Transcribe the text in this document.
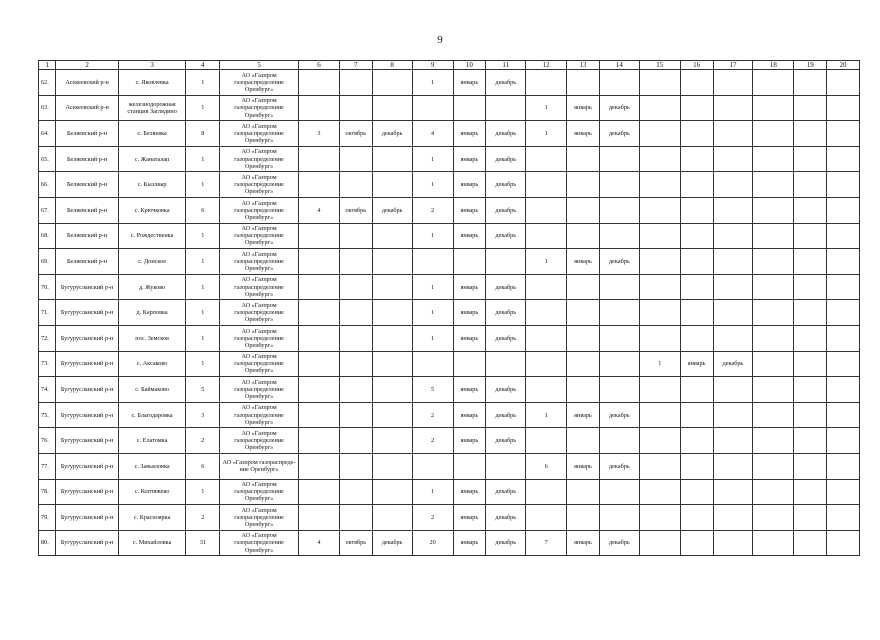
9
1	2	3	4	5	6	7	8	9	10	11	12	13	14	15	16	17	18	19	20
62.	Асекеевский р-н	с. Яковлевка	1	АО «Газпром газораспределение Оренбург»				1	январь	декабрь									
63.	Асекеевский р-н	железнодорожная станция Заглядино	1	АО «Газпром газораспределение Оренбург»							1	январь	декабрь						
64.	Беляевский р-н	с. Беляевка	8	АО «Газпром газораспределение Оренбург»	3	октябрь	декабрь	4	январь	декабрь	1	январь	декабрь						
65.	Беляевский р-н	с. Жанаталап	1	АО «Газпром газораспределение Оренбург»				1	январь	декабрь									
66.	Беляевский р-н	с. Кызлиар	1	АО «Газпром газораспределение Оренбург»				1	январь	декабрь									
67.	Беляевский р-н	с. Крючковка	6	АО «Газпром газораспределение Оренбург»	4	октябрь	декабрь	2	январь	декабрь									
68.	Беляевский р-н	с. Рождественка	1	АО «Газпром газораспределение Оренбург»				1	январь	декабрь									
69.	Беляевский р-н	с. Донское	1	АО «Газпром газораспределение Оренбург»							1	январь	декабрь						
70.	Бугурусланский р-н	д. Жуково	1	АО «Газпром газораспределение Оренбург»				1	январь	декабрь									
71.	Бугурусланский р-н	д. Карповка	1	АО «Газпром газораспределение Оренбург»				1	январь	декабрь									
72.	Бугурусланский р-н	пос. Земсков	1	АО «Газпром газораспределение Оренбург»				1	январь	декабрь									
73.	Бугурусланский р-н	с. Аксаково	1	АО «Газпром газораспределение Оренбург»										1	январь	декабрь			
74.	Бугурусланский р-н	с. Баймаково	5	АО «Газпром газораспределение Оренбург»				5	январь	декабрь									
75.	Бугурусланский р-н	с. Благодаровка	3	АО «Газпром газораспределение Оренбург»				2	январь	декабрь	1	январь	декабрь						
76.	Бугурусланский р-н	с. Елатомка	2	АО «Газпром газораспределение Оренбург»				2	январь	декабрь									
77.	Бугурусланский р-н	с. Завьяловка	6	АО «Газпром газораспреде-ние Оренбург»							6	январь	декабрь						
78.	Бугурусланский р-н	с. Коптяжево	1	АО «Газпром газораспределение Оренбург»				1	январь	декабрь									
79.	Бугурусланский р-н	с. Красноярка	2	АО «Газпром газораспределение Оренбург»				2	январь	декабрь									
80.	Бугурусланский р-н	с. Михайловка	31	АО «Газпром газораспределение Оренбург»	4	октябрь	декабрь	20	январь	декабрь	7	январь	декабрь						
